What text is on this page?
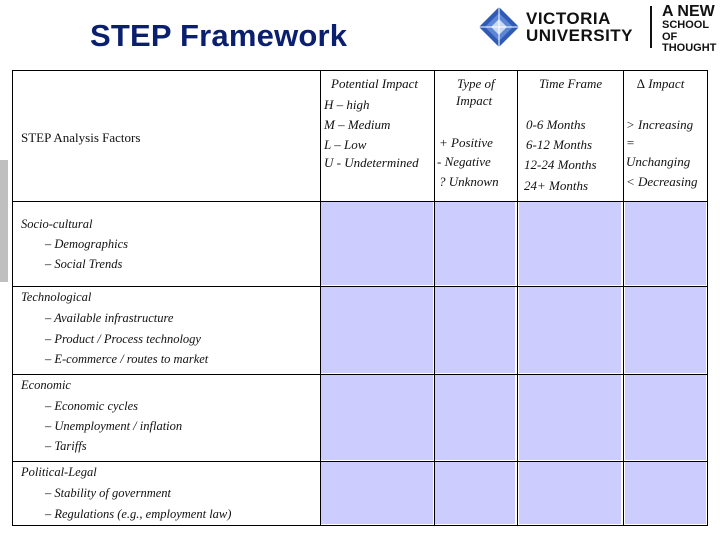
STEP Framework	VICTORIA
UNIVERSITY
A NEW
SCHOOL OF
THOUGHT
STEP Analysis Factors
Potential Impact
H – high
M – Medium
L – Low
U - Undetermined
Type of
Impact
+ Positive
- Negative
? Unknown
Time Frame
0-6 Months
6-12 Months
12-24 Months
24+ Months
∆ Impact
> Increasing
=
Unchanging
< Decreasing
Socio-cultural
– Demographics
– Social Trends
Technological
– Available infrastructure
– Product / Process technology
– E-commerce / routes to market
Economic
– Economic cycles
– Unemployment / inflation
– Tariffs
Political-Legal
– Stability of government
– Regulations (e.g., employment law)
